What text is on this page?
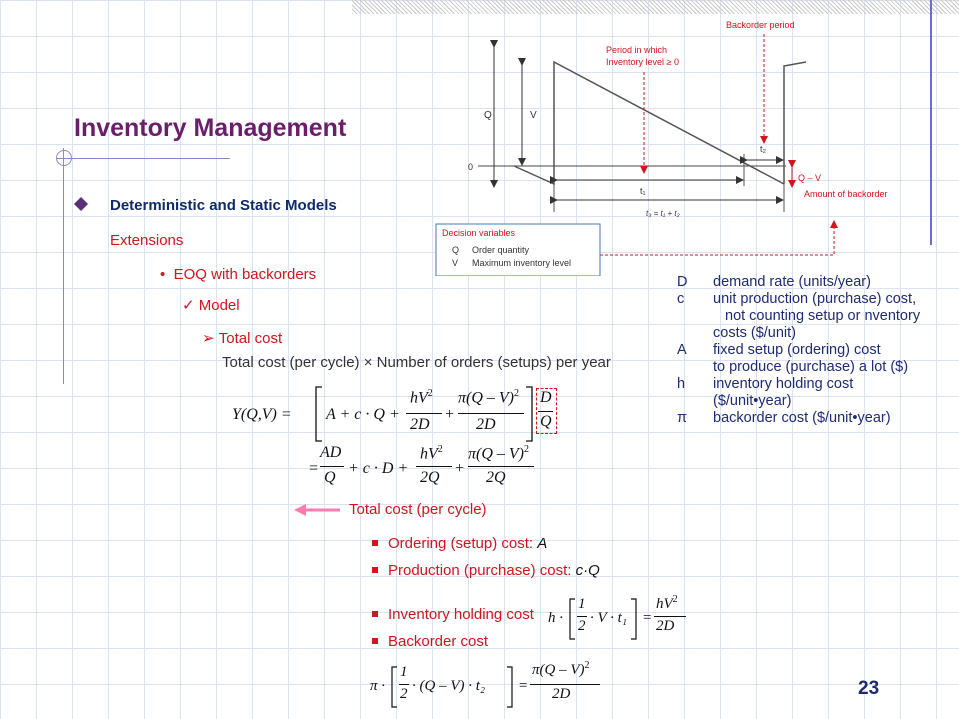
Inventory Management
Deterministic and Static Models
Extensions
• EOQ with backorders
✓ Model
➢ Total cost
Total cost (per cycle) × Number of orders (setups) per year
Y(Q,V) = A + c · Q +
$hV^2$
2D
+
π(Q – V)$^2$
2D
D
Q
=
AD
Q
+ c · D +
$hV^2$
2Q
+
π(Q – V)$^2$
2Q
Total cost (per cycle)
Ordering (setup) cost: A
Production (purchase) cost: c·Q
Inventory holding cost
Backorder cost
h ·
1
2 · V · t₁ =
$hV^2$
2D
π ·
1
2 · (Q – V) · t₂ =
π(Q – V)$^2$
2D
D	demand rate (units/year)
c	unit production (purchase) cost,
not counting setup or nventory
costs ($/unit)
A	fixed setup (ordering) cost
to produce (purchase) a lot ($)
h	inventory holding cost
($/unit•year)
π	backorder cost ($/unit•year)
t₁
t₂
t₃ = t₁ + t₂
Q	V
0
Period in which
Inventory level ≥ 0
Backorder period
Q – V
Amount of backorder
Decision variables
Q Order quantity
V Maximum inventory level
23
